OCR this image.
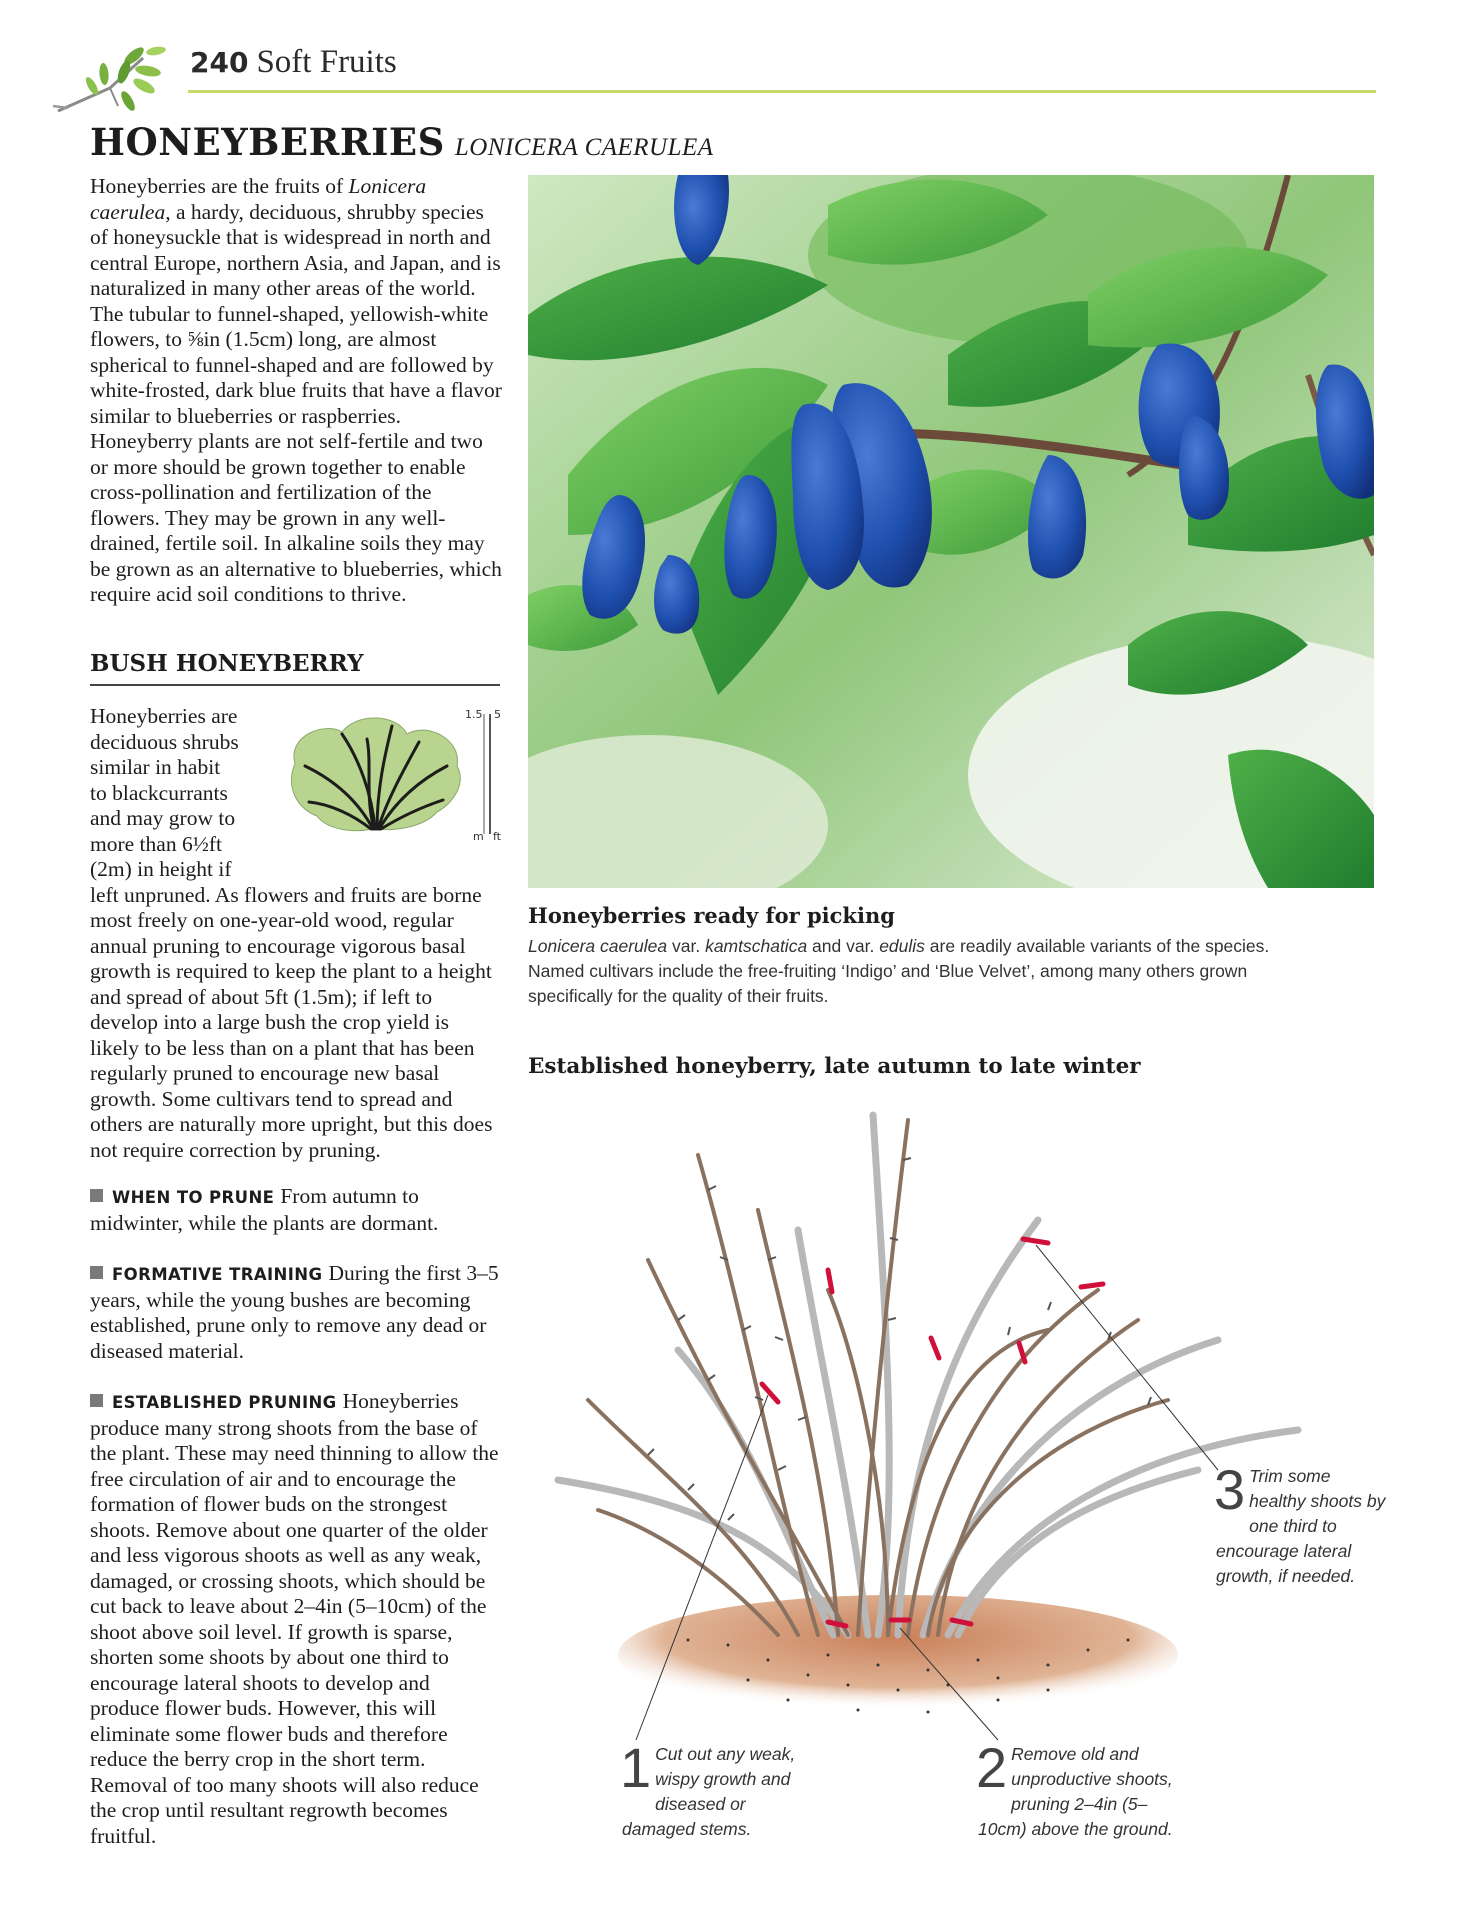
240 Soft Fruits
HONEYBERRIES LONICERA CAERULEA
Honeyberries are the fruits of Lonicera caerulea, a hardy, deciduous, shrubby species of honeysuckle that is widespread in north and central Europe, northern Asia, and Japan, and is naturalized in many other areas of the world. The tubular to funnel-shaped, yellowish-white flowers, to ⅝in (1.5cm) long, are almost spherical to funnel-shaped and are followed by white-frosted, dark blue fruits that have a flavor similar to blueberries or raspberries. Honeyberry plants are not self-fertile and two or more should be grown together to enable cross-pollination and fertilization of the flowers. They may be grown in any well-drained, fertile soil. In alkaline soils they may be grown as an alternative to blueberries, which require acid soil conditions to thrive.
BUSH HONEYBERRY
1.5 5
m ft
Honeyberries are deciduous shrubs similar in habit to blackcurrants and may grow to more than 6½ft (2m) in height if left unpruned. As flowers and fruits are borne most freely on one-year-old wood, regular annual pruning to encourage vigorous basal growth is required to keep the plant to a height and spread of about 5ft (1.5m); if left to develop into a large bush the crop yield is likely to be less than on a plant that has been regularly pruned to encourage new basal growth. Some cultivars tend to spread and others are naturally more upright, but this does not require correction by pruning.

WHEN TO PRUNE From autumn to midwinter, while the plants are dormant.

FORMATIVE TRAINING During the first 3–5 years, while the young bushes are becoming established, prune only to remove any dead or diseased material.

ESTABLISHED PRUNING Honeyberries produce many strong shoots from the base of the plant. These may need thinning to allow the free circulation of air and to encourage the formation of flower buds on the strongest shoots. Remove about one quarter of the older and less vigorous shoots as well as any weak, damaged, or crossing shoots, which should be cut back to leave about 2–4in (5–10cm) of the shoot above soil level. If growth is sparse, shorten some shoots by about one third to encourage lateral shoots to develop and produce flower buds. However, this will eliminate some flower buds and therefore reduce the berry crop in the short term. Removal of too many shoots will also reduce the crop until resultant regrowth becomes fruitful.

Honeyberries ready for picking
Lonicera caerulea var. kamtschatica and var. edulis are readily available variants of the species. Named cultivars include the free-fruiting ‘Indigo’ and ‘Blue Velvet’, among many others grown specifically for the quality of their fruits.
Established honeyberry, late autumn to late winter
1 Cut out any weak, wispy growth and diseased or damaged stems.
2 Remove old and unproductive shoots, pruning 2–4in (5–10cm) above the ground.
3 Trim some healthy shoots by one third to encourage lateral growth, if needed.
